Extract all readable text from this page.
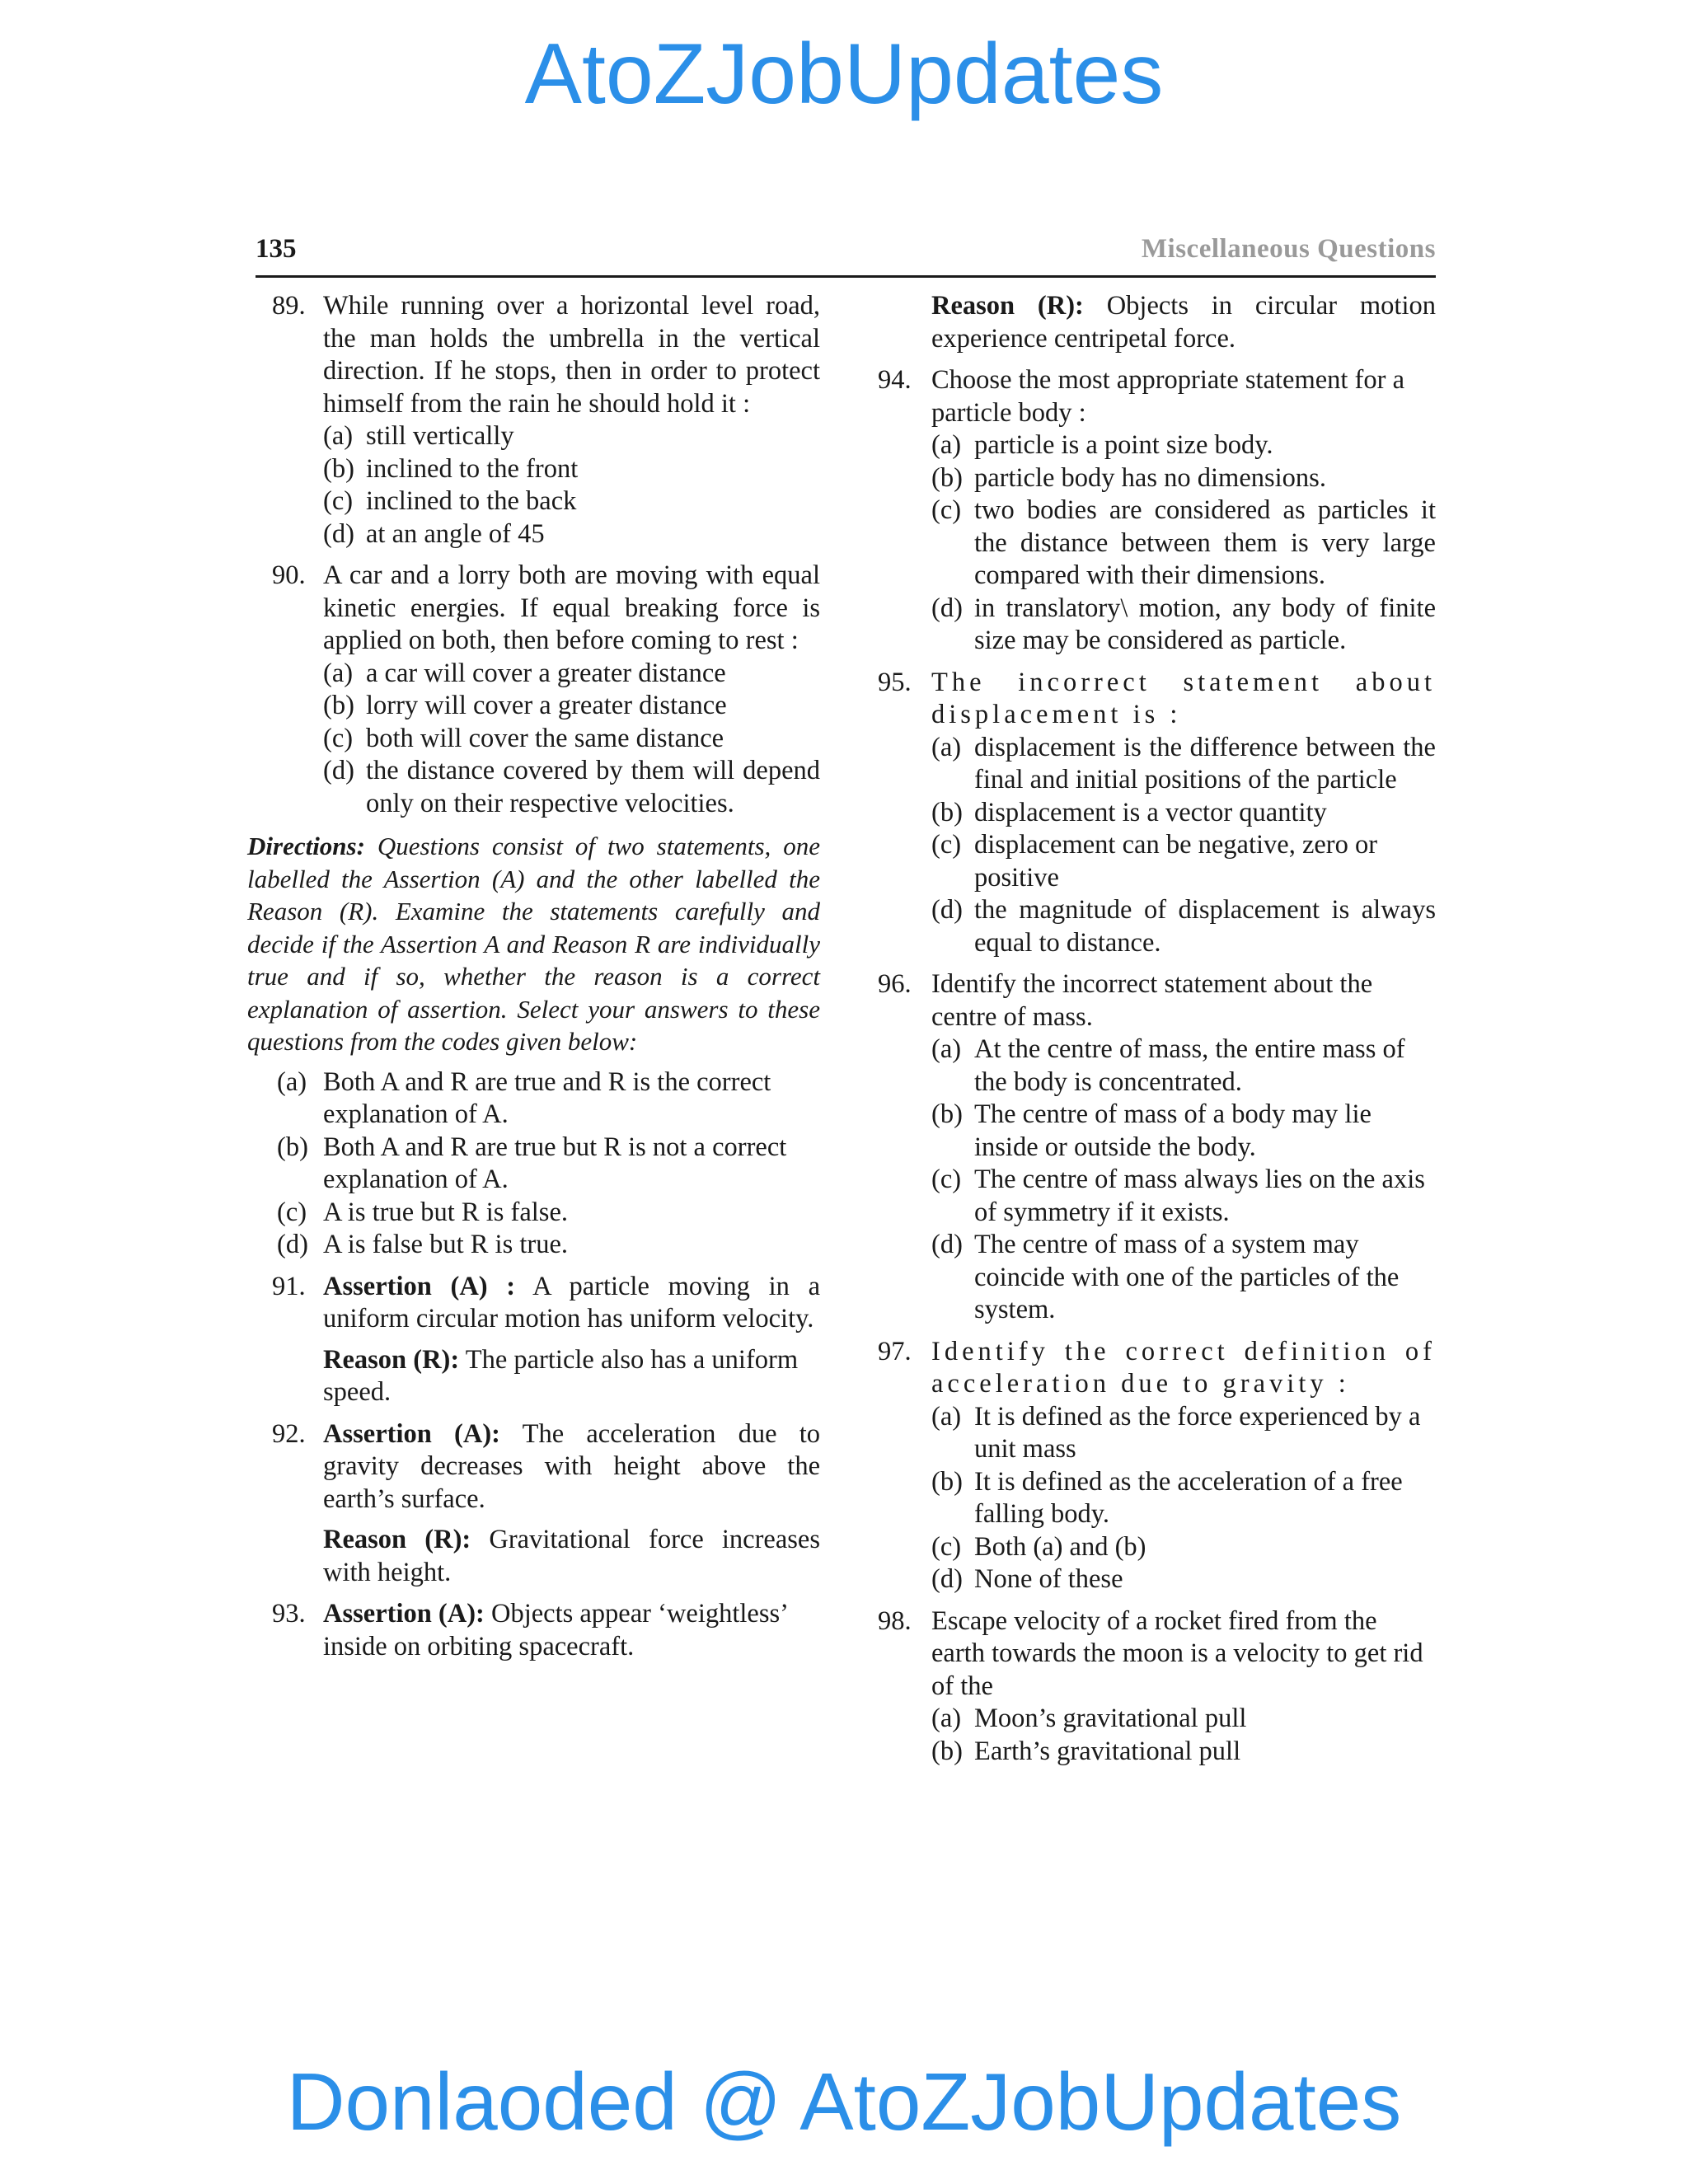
AtoZJobUpdates
135	Miscellaneous Questions
89. While running over a horizontal level road, the man holds the umbrella in the vertical direction. If he stops, then in order to protect himself from the rain he should hold it :
(a) still vertically
(b) inclined to the front
(c) inclined to the back
(d) at an angle of 45
90. A car and a lorry both are moving with equal kinetic energies. If equal breaking force is applied on both, then before coming to rest :
(a) a car will cover a greater distance
(b) lorry will cover a greater distance
(c) both will cover the same distance
(d) the distance covered by them will depend only on their respective velocities.
Directions: Questions consist of two statements, one labelled the Assertion (A) and the other labelled the Reason (R). Examine the statements carefully and decide if the Assertion A and Reason R are individually true and if so, whether the reason is a correct explanation of assertion. Select your answers to these questions from the codes given below:
(a) Both A and R are true and R is the correct explanation of A.
(b) Both A and R are true but R is not a correct explanation of A.
(c) A is true but R is false.
(d) A is false but R is true.
91. Assertion (A) : A particle moving in a uniform circular motion has uniform velocity.
Reason (R): The particle also has a uniform speed.
92. Assertion (A): The acceleration due to gravity decreases with height above the earth’s surface.
Reason (R): Gravitational force increases with height.
93. Assertion (A): Objects appear ‘weightless’ inside on orbiting spacecraft.
Reason (R): Objects in circular motion experience centripetal force.
94. Choose the most appropriate statement for a particle body :
(a) particle is a point size body.
(b) particle body has no dimensions.
(c) two bodies are considered as particles it the distance between them is very large compared with their dimensions.
(d) in translatory\ motion, any body of finite size may be considered as particle.
95. The incorrect statement about displacement is :
(a) displacement is the difference between the final and initial positions of the particle
(b) displacement is a vector quantity
(c) displacement can be negative, zero or positive
(d) the magnitude of displacement is always equal to distance.
96. Identify the incorrect statement about the centre of mass.
(a) At the centre of mass, the entire mass of the body is concentrated.
(b) The centre of mass of a body may lie inside or outside the body.
(c) The centre of mass always lies on the axis of symmetry if it exists.
(d) The centre of mass of a system may coincide with one of the particles of the system.
97. Identify the correct definition of acceleration due to gravity :
(a) It is defined as the force experienced by a unit mass
(b) It is defined as the acceleration of a free falling body.
(c) Both (a) and (b)
(d) None of these
98. Escape velocity of a rocket fired from the earth towards the moon is a velocity to get rid of the
(a) Moon’s gravitational pull
(b) Earth’s gravitational pull
Donlaoded @ AtoZJobUpdates
